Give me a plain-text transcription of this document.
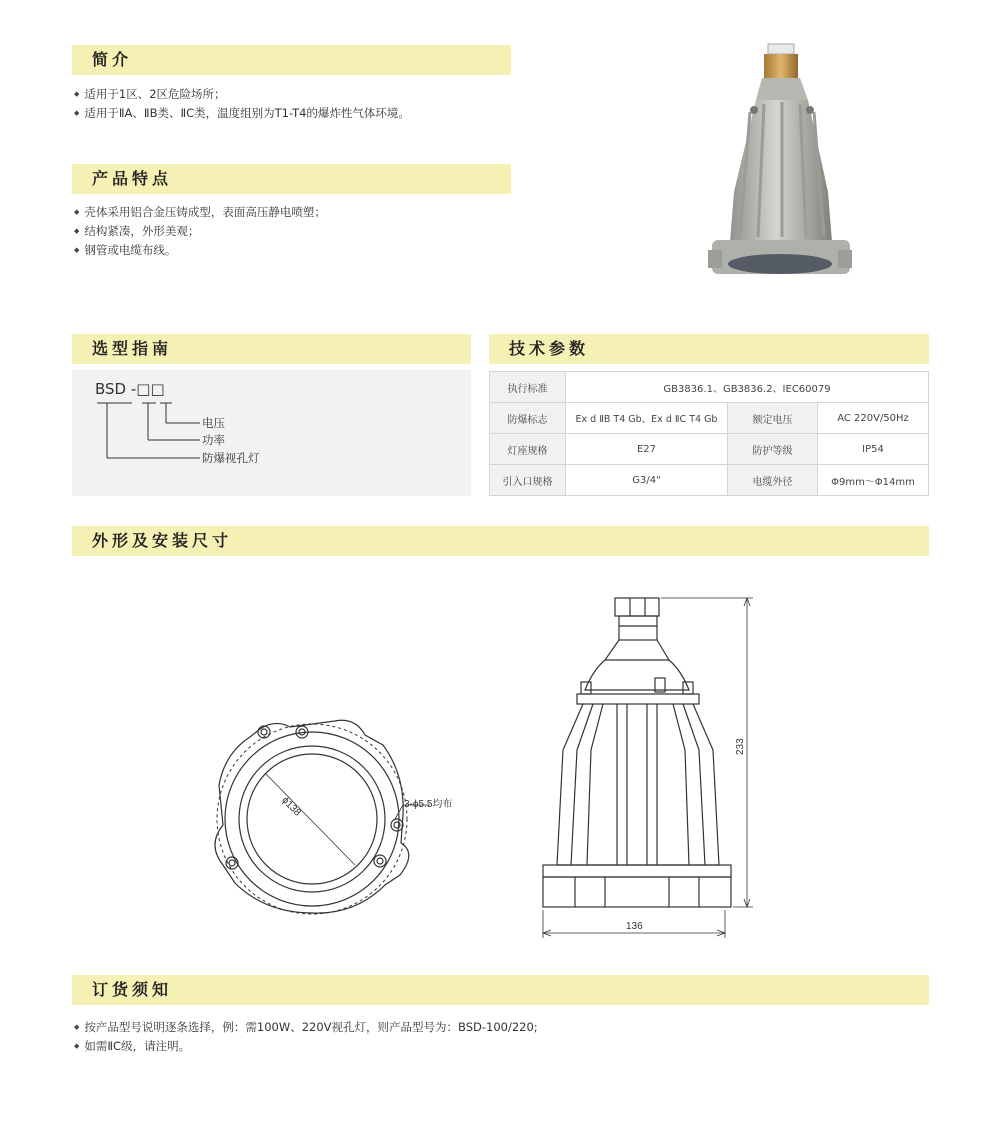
简介
◆ 适用于1区、2区危险场所；
◆ 适用于ⅡA、ⅡB类、ⅡC类，温度组别为T1-T4的爆炸性气体环境。
产品特点
◆ 壳体采用铝合金压铸成型，表面高压静电喷塑；
◆ 结构紧凑，外形美观；
◆ 钢管或电缆布线。
选型指南
BSD -□□
电压
功率
防爆视孔灯
技术参数
执行标准	GB3836.1、GB3836.2、IEC60079		
防爆标志	Ex d ⅡB T4 Gb、Ex d ⅡC T4 Gb	额定电压	AC 220V/50Hz
灯座规格	E27	防护等级	IP54
引入口规格	G3/4"	电缆外径	Φ9mm～Φ14mm
外形及安装尺寸
ϕ138	3-ϕ5.5均布
233
136
订货须知
◆ 按产品型号说明逐条选择，例：需100W、220V视孔灯，则产品型号为：BSD-100/220;
◆ 如需ⅡC级，请注明。
